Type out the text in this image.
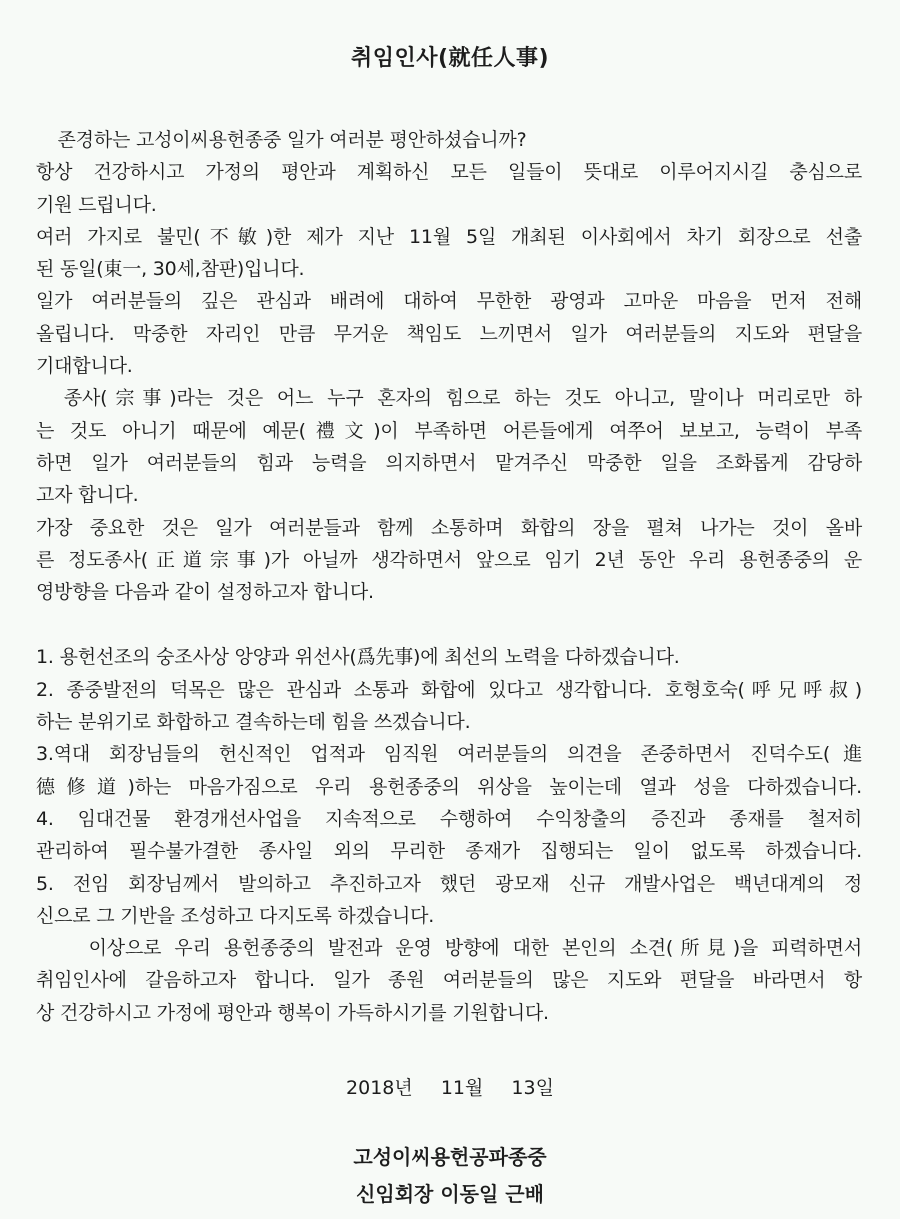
취임인사(就任人事)
존경하는 고성이씨용헌종중 일가 여러분 평안하셨습니까?
항상 건강하시고 가정의 평안과 계획하신 모든 일들이 뜻대로 이루어지시길 충심으로
기원 드립니다.
여러 가지로 불민(不敏)한 제가 지난 11월 5일 개최된 이사회에서 차기 회장으로 선출
된 동일(東一, 30세,참판)입니다.
일가 여러분들의 깊은 관심과 배려에 대하여 무한한 광영과 고마운 마음을 먼저 전해
올립니다. 막중한 자리인 만큼 무거운 책임도 느끼면서 일가 여러분들의 지도와 편달을
기대합니다.
종사(宗事)라는 것은 어느 누구 혼자의 힘으로 하는 것도 아니고, 말이나 머리로만 하
는 것도 아니기 때문에 예문(禮文)이 부족하면 어른들에게 여쭈어 보보고, 능력이 부족
하면 일가 여러분들의 힘과 능력을 의지하면서 맡겨주신 막중한 일을 조화롭게 감당하
고자 합니다.
가장 중요한 것은 일가 여러분들과 함께 소통하며 화합의 장을 펼쳐 나가는 것이 올바
른 정도종사(正道宗事)가 아닐까 생각하면서 앞으로 임기 2년 동안 우리 용헌종중의 운
영방향을 다음과 같이 설정하고자 합니다.
1. 용헌선조의 숭조사상 앙양과 위선사(爲先事)에 최선의 노력을 다하겠습니다.
2. 종중발전의 덕목은 많은 관심과 소통과 화합에 있다고 생각합니다. 호형호숙(呼兄呼叔)
하는 분위기로 화합하고 결속하는데 힘을 쓰겠습니다.
3.역대 회장님들의 헌신적인 업적과 임직원 여러분들의 의견을 존중하면서 진덕수도(進
德修道)하는 마음가짐으로 우리 용헌종중의 위상을 높이는데 열과 성을 다하겠습니다.
4. 임대건물 환경개선사업을 지속적으로 수행하여 수익창출의 증진과 종재를 철저히
관리하여 필수불가결한 종사일 외의 무리한 종재가 집행되는 일이 없도록 하겠습니다.
5. 전임 회장님께서 발의하고 추진하고자 했던 광모재 신규 개발사업은 백년대계의 정
신으로 그 기반을 조성하고 다지도록 하겠습니다.
이상으로 우리 용헌종중의 발전과 운영 방향에 대한 본인의 소견(所見)을 피력하면서
취임인사에 갈음하고자 합니다. 일가 종원 여러분들의 많은 지도와 편달을 바라면서 항
상 건강하시고 가정에 평안과 행복이 가득하시기를 기원합니다.
2018년  11월  13일
고성이씨용헌공파종중
신임회장 이동일 근배
